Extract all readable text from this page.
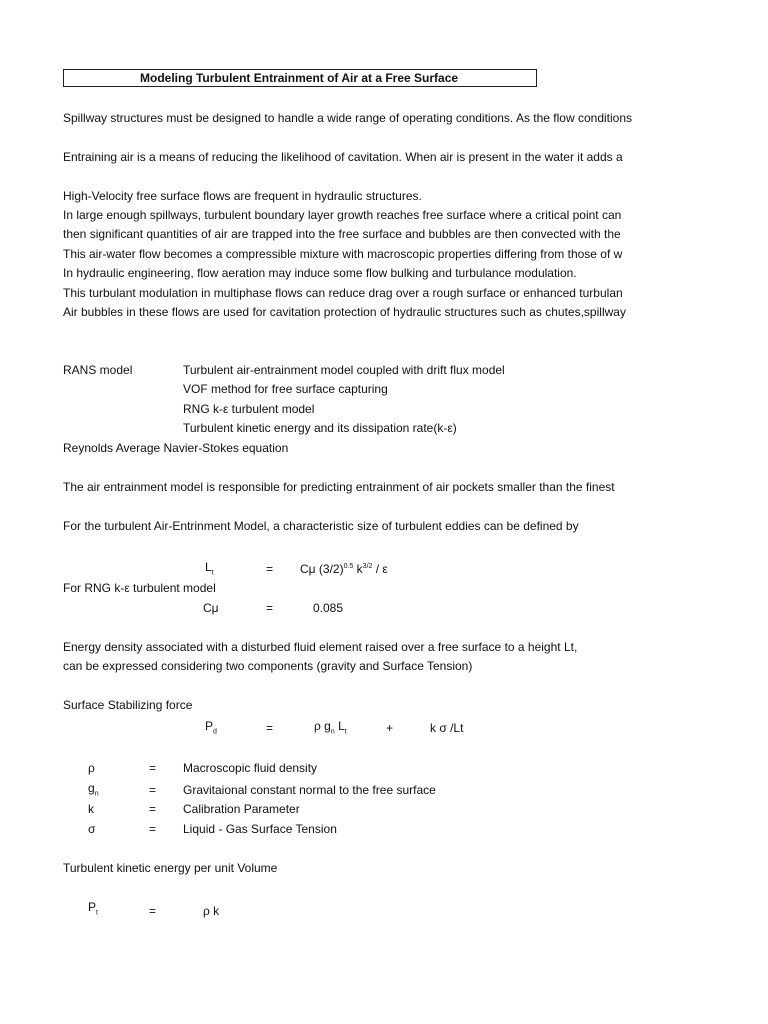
Modeling Turbulent Entrainment of Air at a Free Surface
Spillway structures must be designed to handle a wide range of operating conditions. As the flow conditions
Entraining air is a means of reducing the likelihood of cavitation. When air is present in the water it adds a
High-Velocity free surface flows are frequent in hydraulic structures.
In large enough spillways, turbulent boundary layer growth reaches free surface where a critical point can
then significant quantities of air are trapped into the free surface and bubbles are then convected with the
This air-water flow becomes a compressible mixture with macroscopic properties differing from those of w
In hydraulic engineering, flow aeration may induce some flow bulking and turbulance modulation.
This turbulant modulation in multiphase flows can reduce drag over a rough surface or enhanced turbulan
Air bubbles in these flows are used for cavitation protection of hydraulic structures such as chutes,spillway
RANS model	Turbulent air-entrainment model coupled with drift flux model
VOF method for free surface capturing
RNG k-ε turbulent model
Turbulent kinetic energy and its dissipation rate(k-ε)
Reynolds Average Navier-Stokes equation
The air entrainment model is responsible for predicting entrainment of air pockets smaller than the finest
For the turbulent Air-Entrinment Model, a characteristic size of turbulent eddies can be defined by
$L_t$	= Cμ $(3/2)^{0.5}$ $k^{3/2}$ / ε
For RNG k-ε turbulent model
Cμ	=	0.085
Energy density associated with a disturbed fluid element raised over a free surface to a height Lt,
can be expressed considering two components (gravity and Surface Tension)
Surface Stabilizing force
$P_d$	=	ρ $g_n$ $L_t$	+	k σ /Lt
ρ	= Macroscopic fluid density
$g_n$	= Gravitaional constant normal to the free surface
k	= Calibration Parameter
σ	= Liquid - Gas Surface Tension
Turbulent kinetic energy per unit Volume
$P_t$	=	ρ k
